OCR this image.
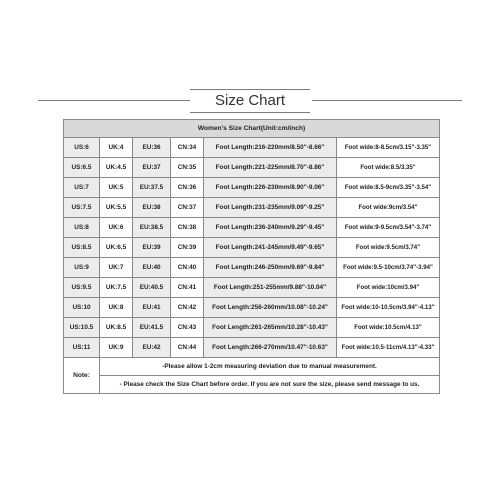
Size Chart
Women's Size Chart(Unit:cm/inch)					
US:6	UK:4	EU:36	CN:34	Foot Length:216-220mm/8.50"-8.66"	Foot wide:8-8.5cm/3.15"-3.35"
US:6.5	UK:4.5	EU:37	CN:35	Foot Length:221-225mm/8.70"-8.86"	Foot wide:8.5/3.35"
US:7	UK:5	EU:37.5	CN:36	Foot Length:226-230mm/8.90"-9.06"	Foot wide:8.5-9cm/3.35"-3.54"
US:7.5	UK:5.5	EU:38	CN:37	Foot Length:231-235mm/9.09"-9.25"	Foot wide:9cm/3.54"
US:8	UK:6	EU:38.5	CN:38	Foot Length:236-240mm/9.29"-9.45"	Foot wide:9-9.5cm/3.54"-3.74"
US:8.5	UK:6.5	EU:39	CN:39	Foot Length:241-245mm/9.49"-9.65"	Foot wide:9.5cm/3.74"
US:9	UK:7	EU:40	CN:40	Foot Length:246-250mm/9.69"-9.84"	Foot wide:9.5-10cm/3.74"-3.94"
US:9.5	UK:7.5	EU:40.5	CN:41	Foot Length:251-255mm/9.88"-10.04"	Foot wide:10cm/3.94"
US:10	UK:8	EU:41	CN:42	Foot Length:256-260mm/10.08"-10.24"	Foot wide:10-10.5cm/3.94"-4.13"
US:10.5	UK:8.5	EU:41.5	CN:43	Foot Length:261-265mm/10.28"-10.43"	Foot wide:10.5cm/4.13"
US:11	UK:9	EU:42	CN:44	Foot Length:266-270mm/10.47"-10.63"	Foot wide:10.5-11cm/4.13"-4.33"
Note:	-Please allow 1-2cm measuring deviation due to manual measurement.				
	- Please check the Size Chart before order. If you are not sure the size, please send message to us.				
